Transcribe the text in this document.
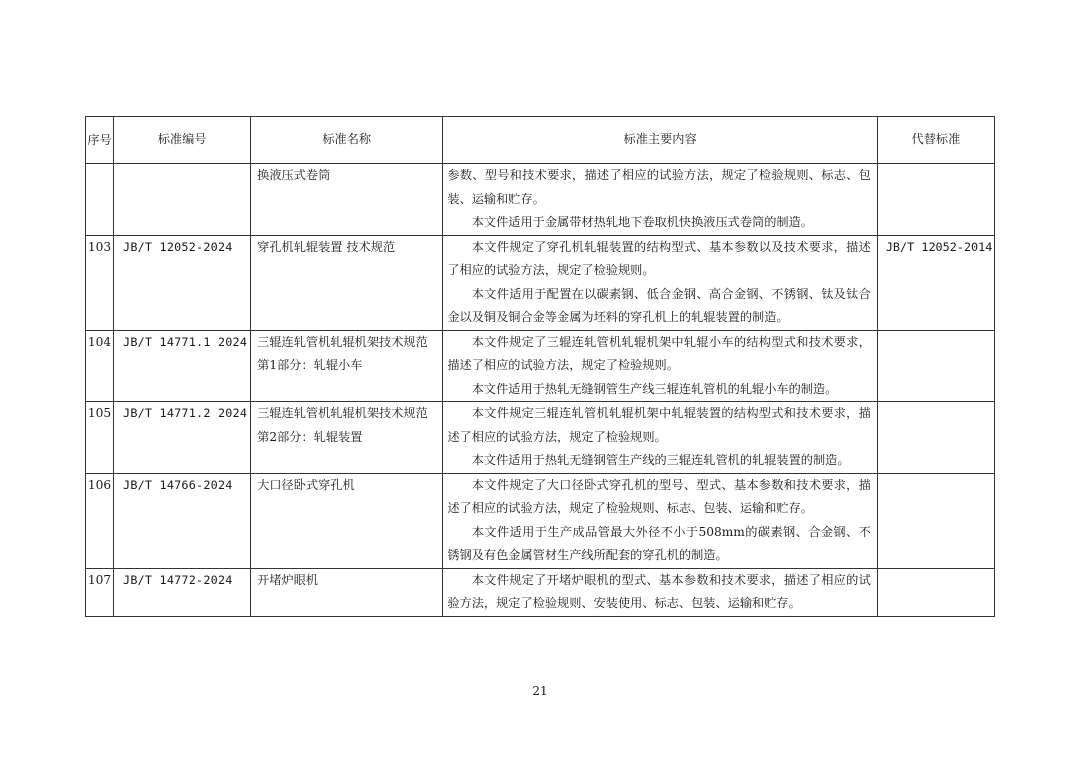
序号	标准编号	标准名称	标准主要内容	代替标准
		换液压式卷筒	参数、型号和技术要求，描述了相应的试验方法，规定了检验规则、标志、包装、运输和贮存。

本文件适用于金属带材热轧地下卷取机快换液压式卷筒的制造。	

103	JB/T 12052-2024	穿孔机轧辊装置 技术规范	本文件规定了穿孔机轧辊装置的结构型式、基本参数以及技术要求，描述了相应的试验方法，规定了检验规则。

本文件适用于配置在以碳素钢、低合金钢、高合金钢、不锈钢、钛及钛合金以及铜及铜合金等金属为坯料的穿孔机上的轧辊装置的制造。	JB/T 12052-2014
104	JB/T 14771.1 2024	三辊连轧管机轧辊机架技术规范 第1部分：轧辊小车	本文件规定了三辊连轧管机轧辊机架中轧辊小车的结构型式和技术要求，描述了相应的试验方法，规定了检验规则。

本文件适用于热轧无缝钢管生产线三辊连轧管机的轧辊小车的制造。	

105	JB/T 14771.2 2024	三辊连轧管机轧辊机架技术规范 第2部分：轧辊装置	本文件规定三辊连轧管机轧辊机架中轧辊装置的结构型式和技术要求，描述了相应的试验方法，规定了检验规则。

本文件适用于热轧无缝钢管生产线的三辊连轧管机的轧辊装置的制造。	

106	JB/T 14766-2024	大口径卧式穿孔机	本文件规定了大口径卧式穿孔机的型号、型式、基本参数和技术要求，描述了相应的试验方法，规定了检验规则、标志、包装、运输和贮存。

本文件适用于生产成品管最大外径不小于508mm的碳素钢、合金钢、不锈钢及有色金属管材生产线所配套的穿孔机的制造。	

107	JB/T 14772-2024	开堵炉眼机	本文件规定了开堵炉眼机的型式、基本参数和技术要求，描述了相应的试验方法，规定了检验规则、安装使用、标志、包装、运输和贮存。	

21
